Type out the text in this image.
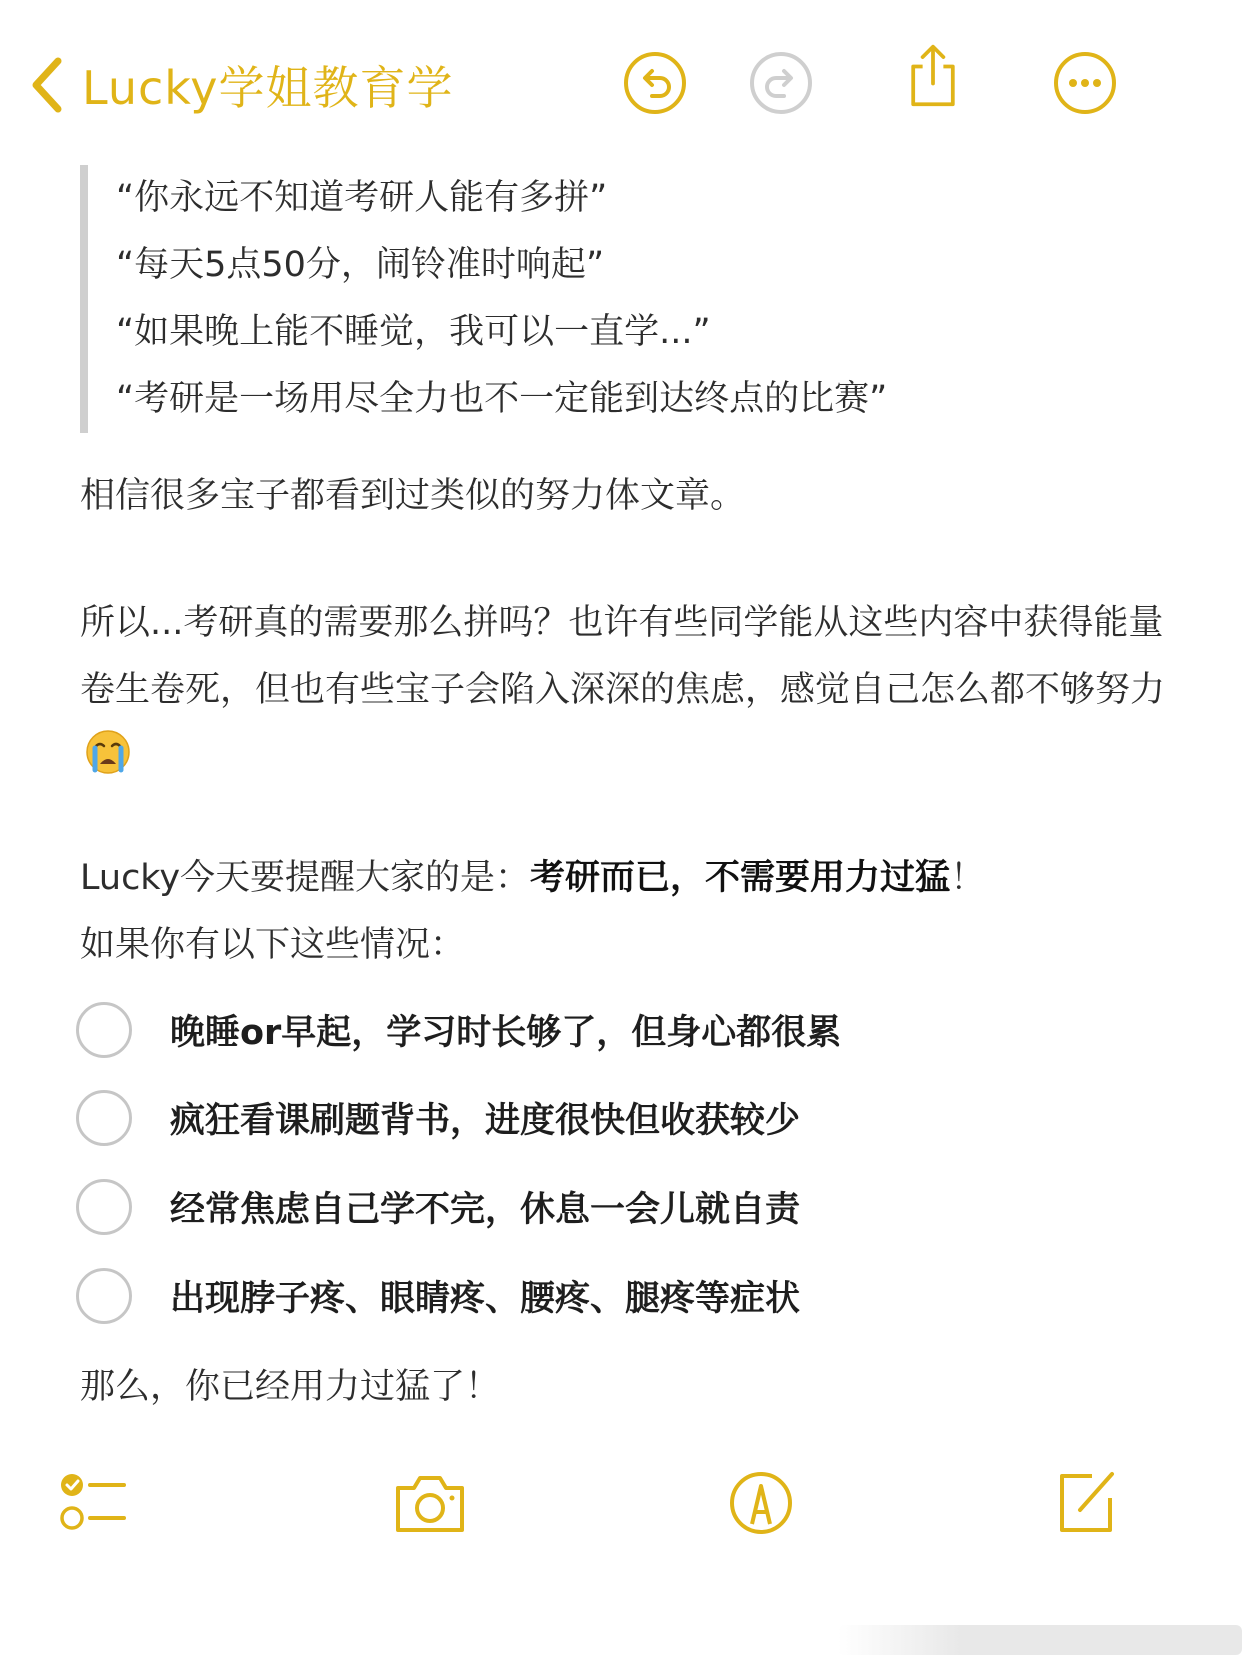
Lucky学姐教育学
“你永远不知道考研人能有多拼”
“每天5点50分，闹铃准时响起”
“如果晚上能不睡觉，我可以一直学...”
“考研是一场用尽全力也不一定能到达终点的比赛”
相信很多宝子都看到过类似的努力体文章。
所以...考研真的需要那么拼吗？也许有些同学能从这些内容中获得能量卷生卷死，但也有些宝子会陷入深深的焦虑，感觉自己怎么都不够努力
Lucky今天要提醒大家的是：考研而已，不需要用力过猛！
如果你有以下这些情况：
晚睡or早起，学习时长够了，但身心都很累
疯狂看课刷题背书，进度很快但收获较少
经常焦虑自己学不完，休息一会儿就自责
出现脖子疼、眼睛疼、腰疼、腿疼等症状
那么，你已经用力过猛了！
